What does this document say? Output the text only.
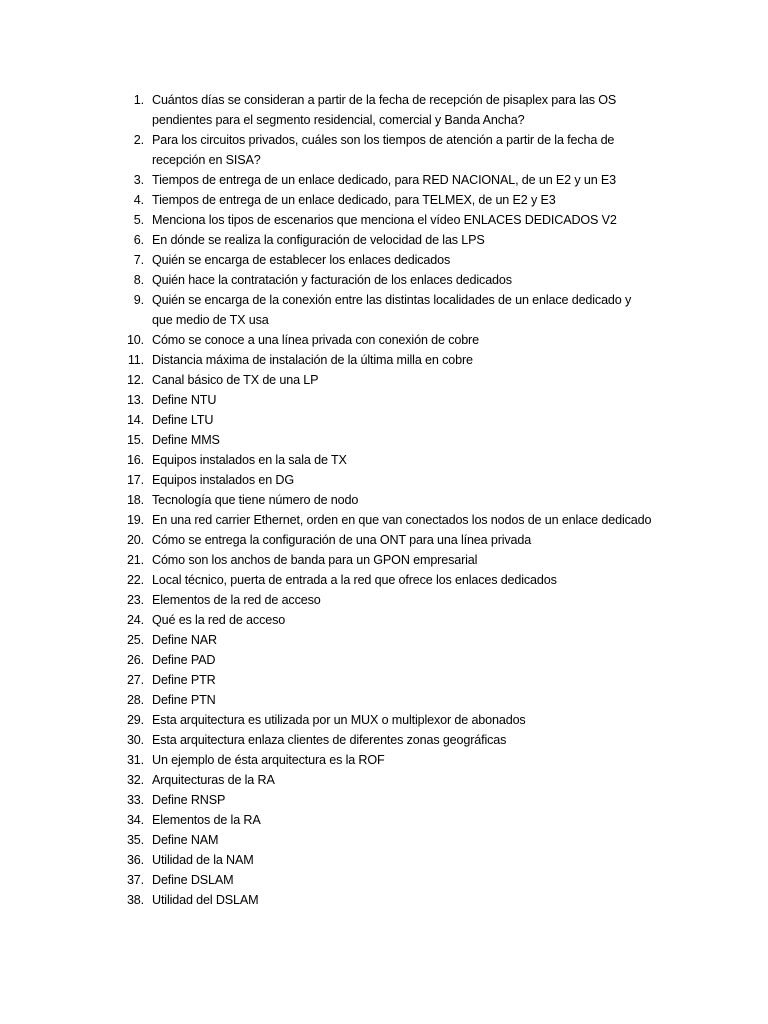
1. Cuántos días se consideran a partir de la fecha de recepción de pisaplex para las OS pendientes para el segmento residencial, comercial y Banda Ancha?
2. Para los circuitos privados, cuáles son los tiempos de atención a partir de la fecha de recepción en SISA?
3. Tiempos de entrega de un enlace dedicado, para RED NACIONAL, de un E2 y un E3
4. Tiempos de entrega de un enlace dedicado, para TELMEX, de un E2 y E3
5. Menciona los tipos de escenarios que menciona el vídeo ENLACES DEDICADOS V2
6. En dónde se realiza la configuración de velocidad de las LPS
7. Quién se encarga de establecer los enlaces dedicados
8. Quién hace la contratación y facturación de los enlaces dedicados
9. Quién se encarga de la conexión entre las distintas localidades de un enlace dedicado y que medio de TX usa
10. Cómo se conoce a una línea privada con conexión de cobre
11. Distancia máxima de instalación de la última milla en cobre
12. Canal básico de TX de una LP
13. Define NTU
14. Define LTU
15. Define MMS
16. Equipos instalados en la sala de TX
17. Equipos instalados en DG
18. Tecnología que tiene número de nodo
19. En una red carrier Ethernet, orden en que van conectados los nodos de un enlace dedicado
20. Cómo se entrega la configuración de una ONT para una línea privada
21. Cómo son los anchos de banda para un GPON empresarial
22. Local técnico, puerta de entrada a la red que ofrece los enlaces dedicados
23. Elementos de la red de acceso
24. Qué es la red de acceso
25. Define NAR
26. Define PAD
27. Define PTR
28. Define PTN
29. Esta arquitectura es utilizada por un MUX o multiplexor de abonados
30. Esta arquitectura enlaza clientes de diferentes zonas geográficas
31. Un ejemplo de ésta arquitectura es la ROF
32. Arquitecturas de la RA
33. Define RNSP
34. Elementos de la RA
35. Define NAM
36. Utilidad de la NAM
37. Define DSLAM
38. Utilidad del DSLAM
